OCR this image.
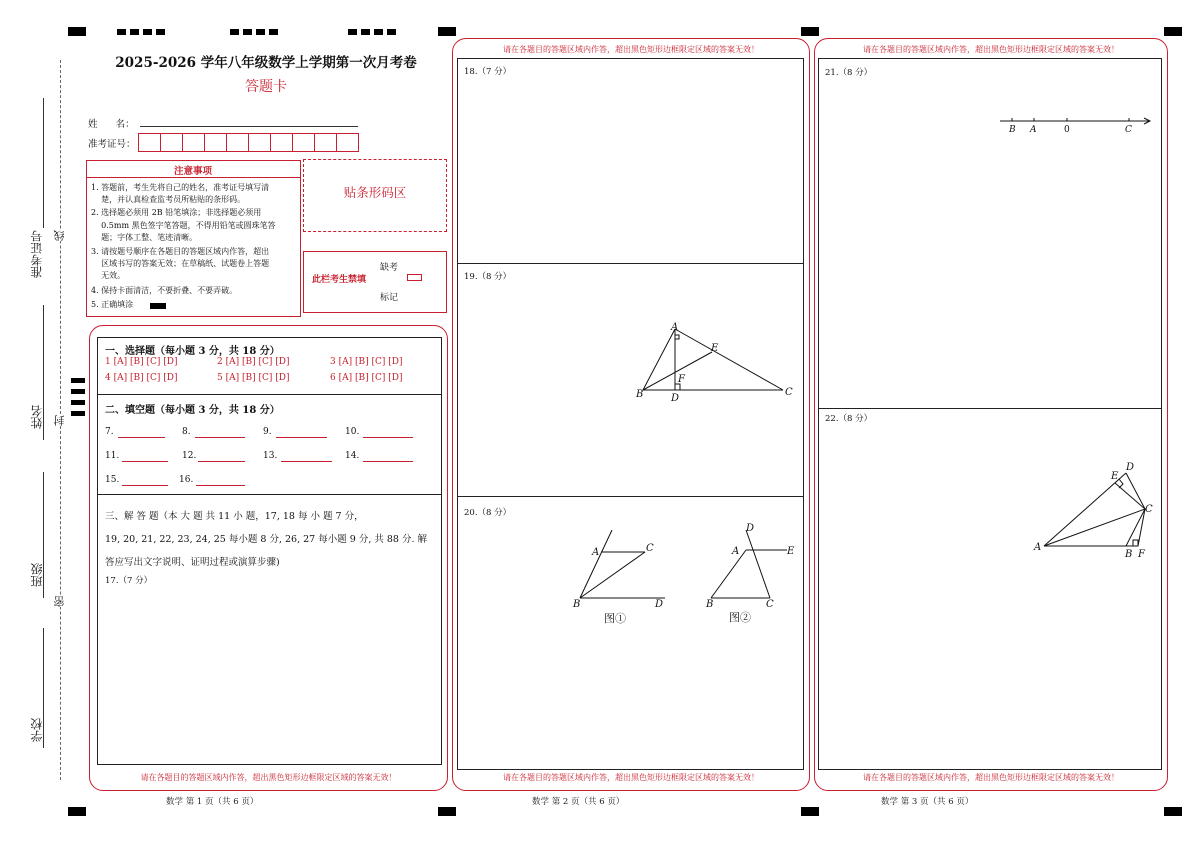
准考证号
姓名
班级
学校
线
封
密
2025-2026 学年八年级数学上学期第一次月考卷
答题卡
姓      名：
准考证号：
注意事项
1. 答题前，考生先将自己的姓名，准考证号填写清
楚，并认真检查监考员所粘贴的条形码。
2. 选择题必须用 2B 铅笔填涂；非选择题必须用
0.5mm 黑色签字笔答题，不得用铅笔或圆珠笔答
题；字体工整、笔迹清晰。
3. 请按题号顺序在各题目的答题区域内作答，超出
区域书写的答案无效；在草稿纸、试题卷上答题
无效。
4. 保持卡面清洁，不要折叠、不要弄破。
5. 正确填涂
贴条形码区
此栏考生禁填
缺考
标记
一、选择题（每小题 3 分，共 18 分）
1 [A] [B] [C] [D]	2 [A] [B] [C] [D]	3 [A] [B] [C] [D]
4 [A] [B] [C] [D]	5 [A] [B] [C] [D]	6 [A] [B] [C] [D]
二、填空题（每小题 3 分，共 18 分）
7.	8.	9.	10.
11.	12.	13.	14.
15.	16.
三、解 答 题（本 大 题 共 11 小 题，17, 18 每 小 题 7 分，
19, 20, 21, 22, 23, 24, 25 每小题 8 分, 26, 27 每小题 9 分, 共 88 分. 解
答应写出文字说明、证明过程或演算步骤)
17.（7 分）
请在各题目的答题区域内作答，超出黑色矩形边框限定区域的答案无效！
数学 第 1 页（共 6 页）
请在各题目的答题区域内作答，超出黑色矩形边框限定区域的答案无效！
18.（7 分）
19.（8 分）
20.（8 分）
A
E
F
B	D
C
A	C
B	D
图①
D
A	E
B	C
图②
请在各题目的答题区域内作答，超出黑色矩形边框限定区域的答案无效！
数学 第 2 页（共 6 页）
请在各题目的答题区域内作答，超出黑色矩形边框限定区域的答案无效！
21.（8 分）
22.（8 分）
B A	0	C
E
D
C
A
B F
请在各题目的答题区域内作答，超出黑色矩形边框限定区域的答案无效！
数学 第 3 页（共 6 页）
